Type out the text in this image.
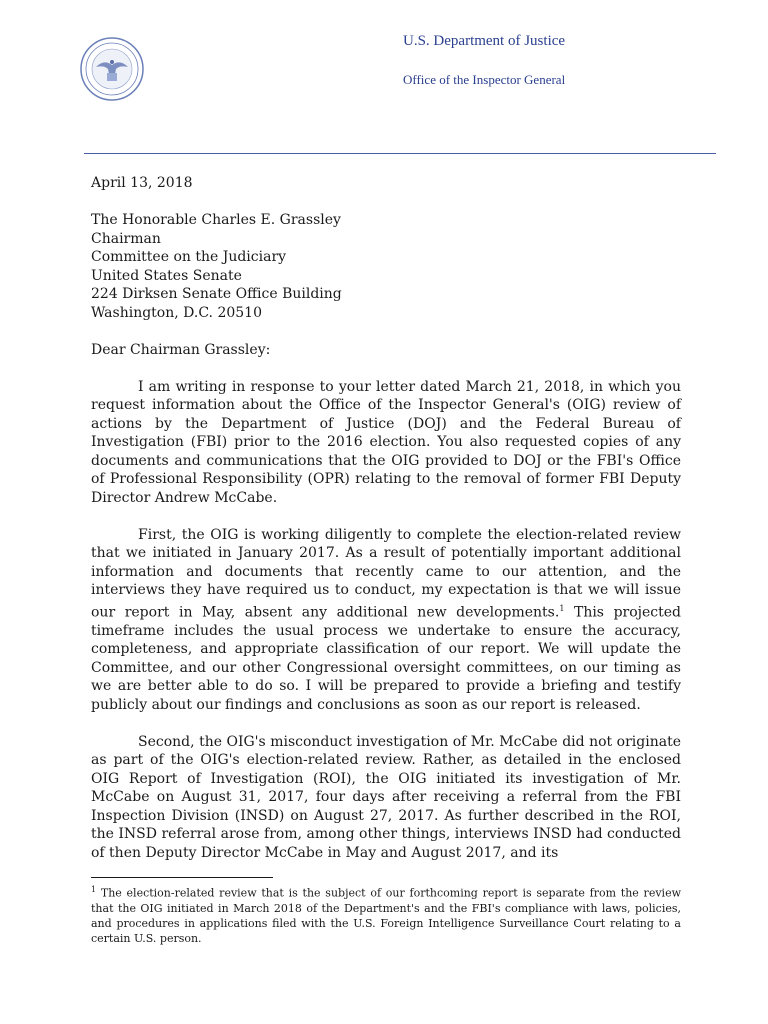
U.S. Department of Justice
Office of the Inspector General

April 13, 2018

The Honorable Charles E. Grassley

Chairman

Committee on the Judiciary

United States Senate

224 Dirksen Senate Office Building

Washington, D.C. 20510

Dear Chairman Grassley:

I am writing in response to your letter dated March 21, 2018, in which you request information about the Office of the Inspector General's (OIG) review of actions by the Department of Justice (DOJ) and the Federal Bureau of Investigation (FBI) prior to the 2016 election. You also requested copies of any documents and communications that the OIG provided to DOJ or the FBI's Office of Professional Responsibility (OPR) relating to the removal of former FBI Deputy Director Andrew McCabe.

First, the OIG is working diligently to complete the election-related review that we initiated in January 2017. As a result of potentially important additional information and documents that recently came to our attention, and the interviews they have required us to conduct, my expectation is that we will issue our report in May, absent any additional new developments.$^1$ This projected timeframe includes the usual process we undertake to ensure the accuracy, completeness, and appropriate classification of our report. We will update the Committee, and our other Congressional oversight committees, on our timing as we are better able to do so. I will be prepared to provide a briefing and testify publicly about our findings and conclusions as soon as our report is released.

Second, the OIG's misconduct investigation of Mr. McCabe did not originate as part of the OIG's election-related review. Rather, as detailed in the enclosed OIG Report of Investigation (ROI), the OIG initiated its investigation of Mr. McCabe on August 31, 2017, four days after receiving a referral from the FBI Inspection Division (INSD) on August 27, 2017. As further described in the ROI, the INSD referral arose from, among other things, interviews INSD had conducted of then Deputy Director McCabe in May and August 2017, and its

$^1$ The election-related review that is the subject of our forthcoming report is separate from the review that the OIG initiated in March 2018 of the Department's and the FBI's compliance with laws, policies, and procedures in applications filed with the U.S. Foreign Intelligence Surveillance Court relating to a certain U.S. person.
